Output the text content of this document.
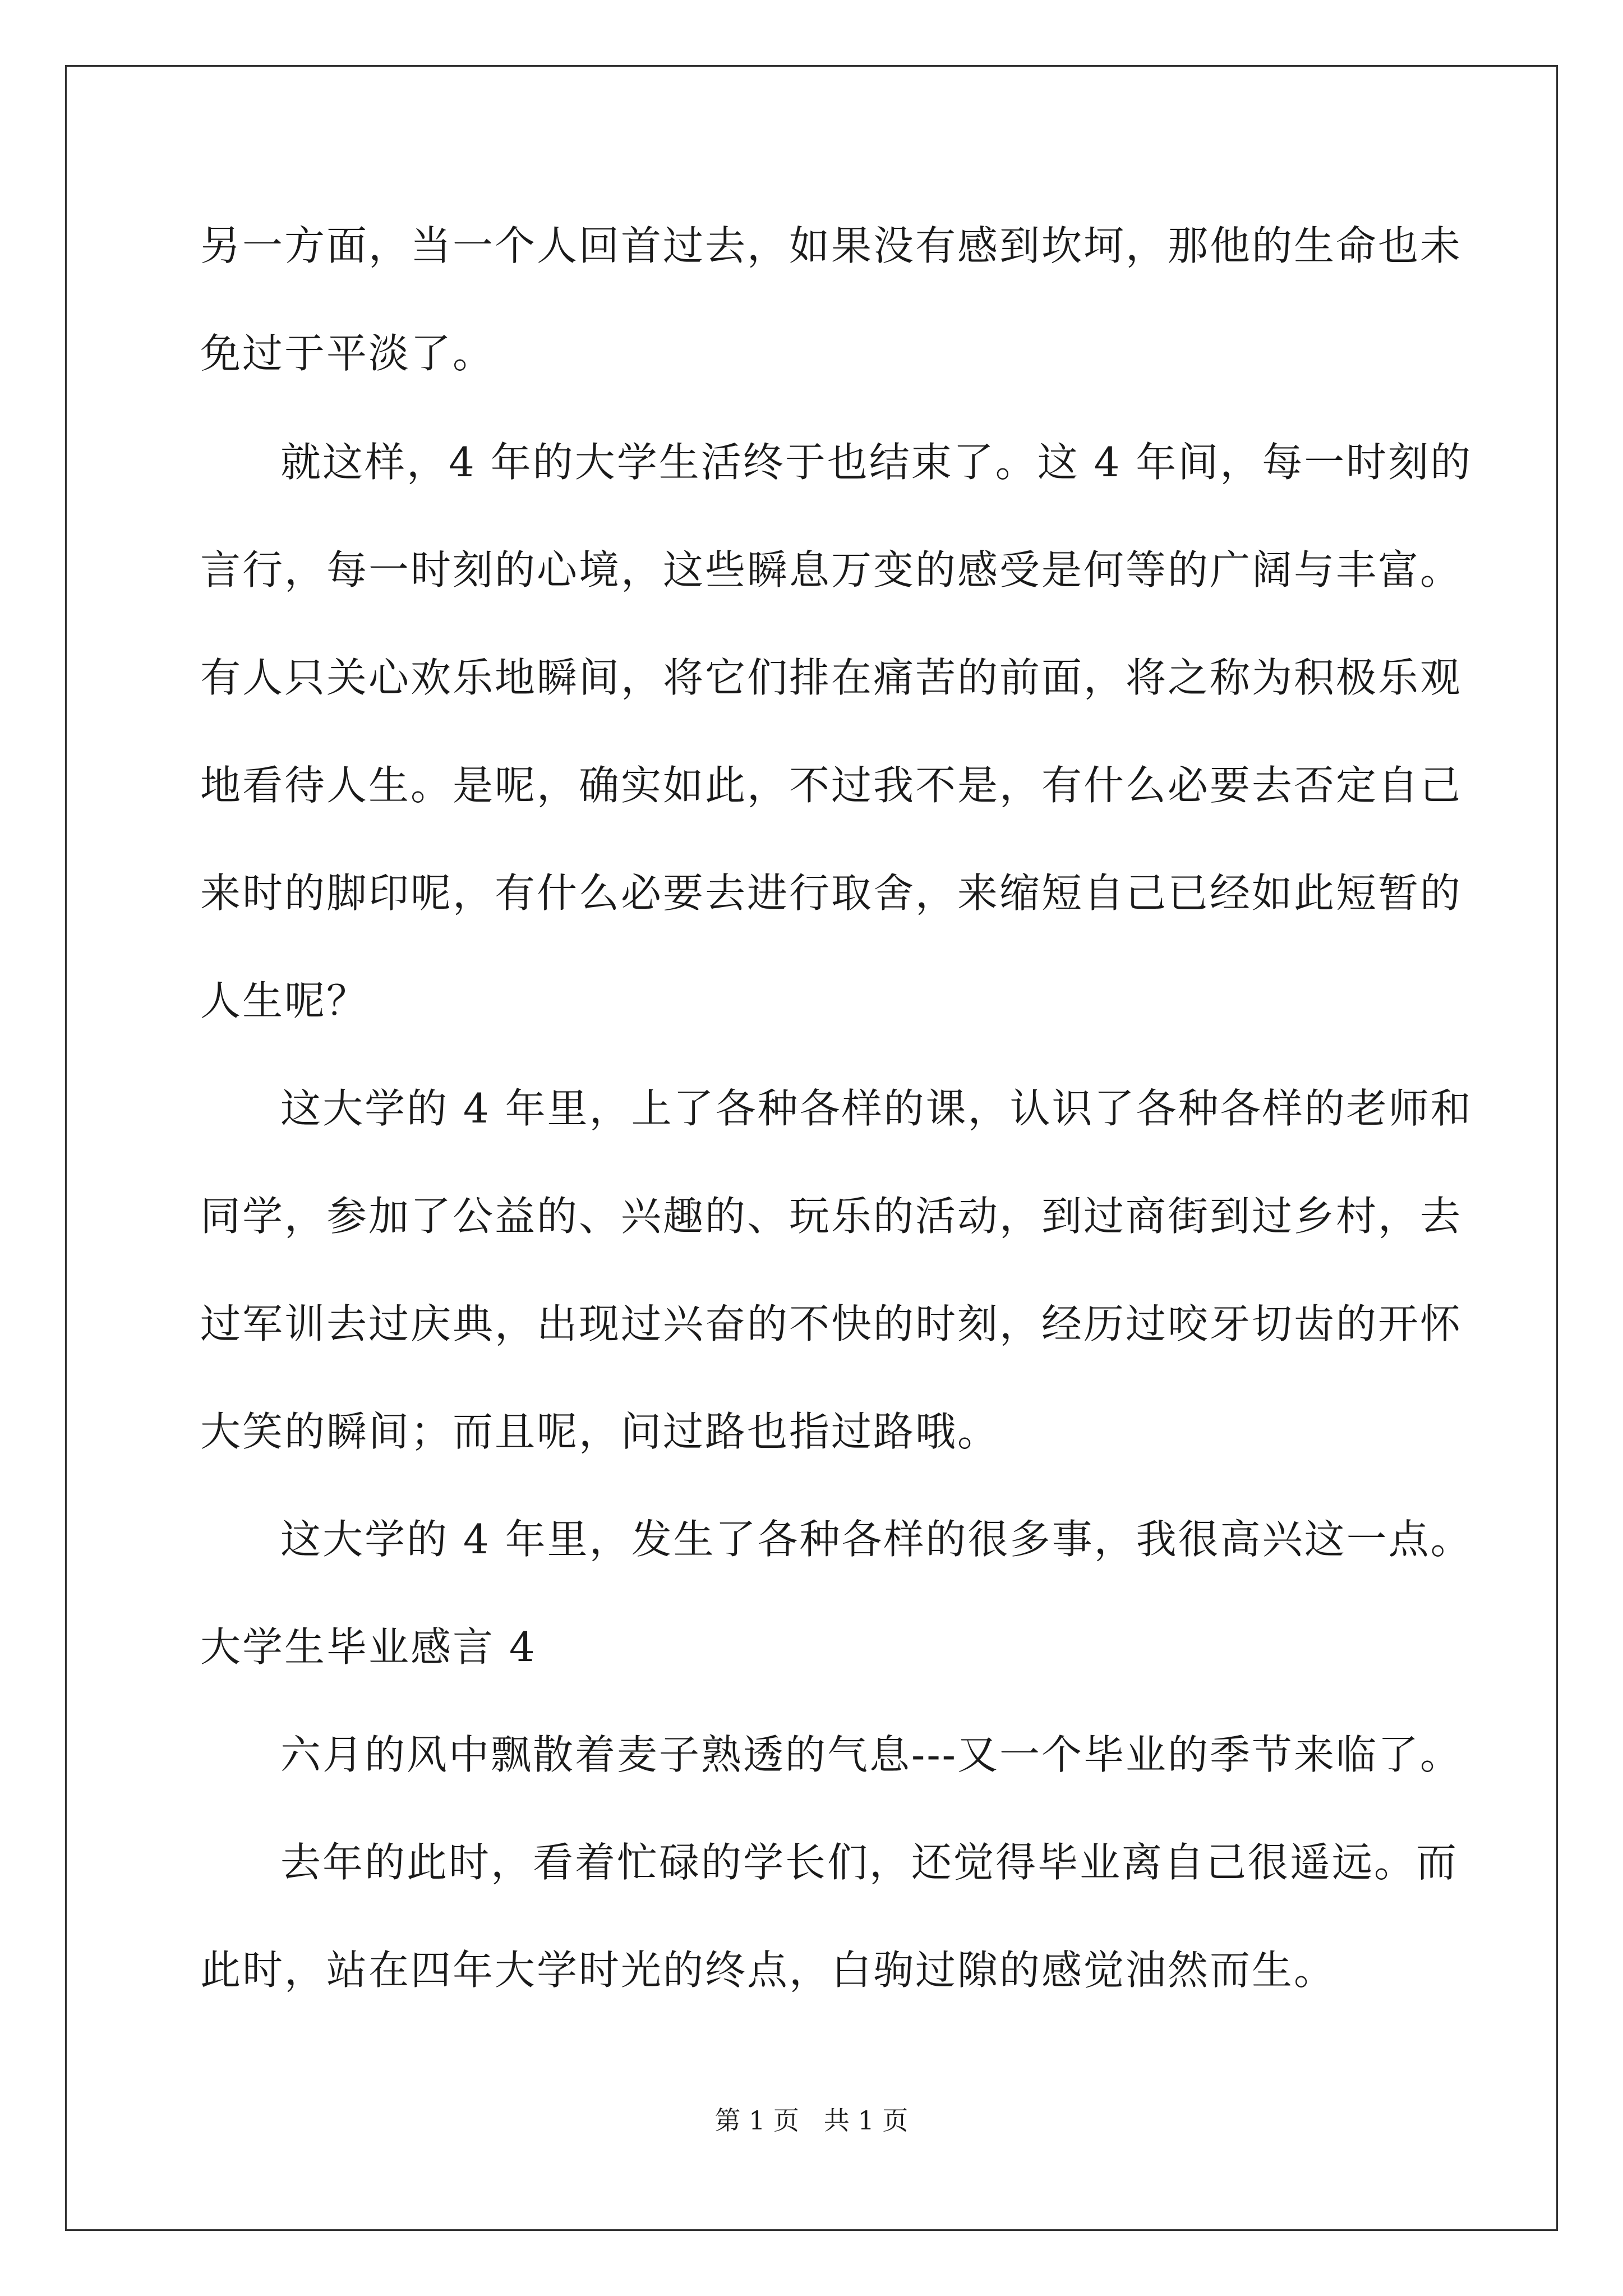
另一方面，当一个人回首过去，如果没有感到坎坷，那他的生命也未
免过于平淡了。
就这样，4 年的大学生活终于也结束了。这 4 年间，每一时刻的
言行，每一时刻的心境，这些瞬息万变的感受是何等的广阔与丰富。
有人只关心欢乐地瞬间，将它们排在痛苦的前面，将之称为积极乐观
地看待人生。是呢，确实如此，不过我不是，有什么必要去否定自己
来时的脚印呢，有什么必要去进行取舍，来缩短自己已经如此短暂的
人生呢？
这大学的 4 年里，上了各种各样的课，认识了各种各样的老师和
同学，参加了公益的、兴趣的、玩乐的活动，到过商街到过乡村，去
过军训去过庆典，出现过兴奋的不快的时刻，经历过咬牙切齿的开怀
大笑的瞬间；而且呢，问过路也指过路哦。
这大学的 4 年里，发生了各种各样的很多事，我很高兴这一点。
大学生毕业感言 4
六月的风中飘散着麦子熟透的气息---又一个毕业的季节来临了。
去年的此时，看着忙碌的学长们，还觉得毕业离自己很遥远。而
此时，站在四年大学时光的终点，白驹过隙的感觉油然而生。
第 1 页   共 1 页
